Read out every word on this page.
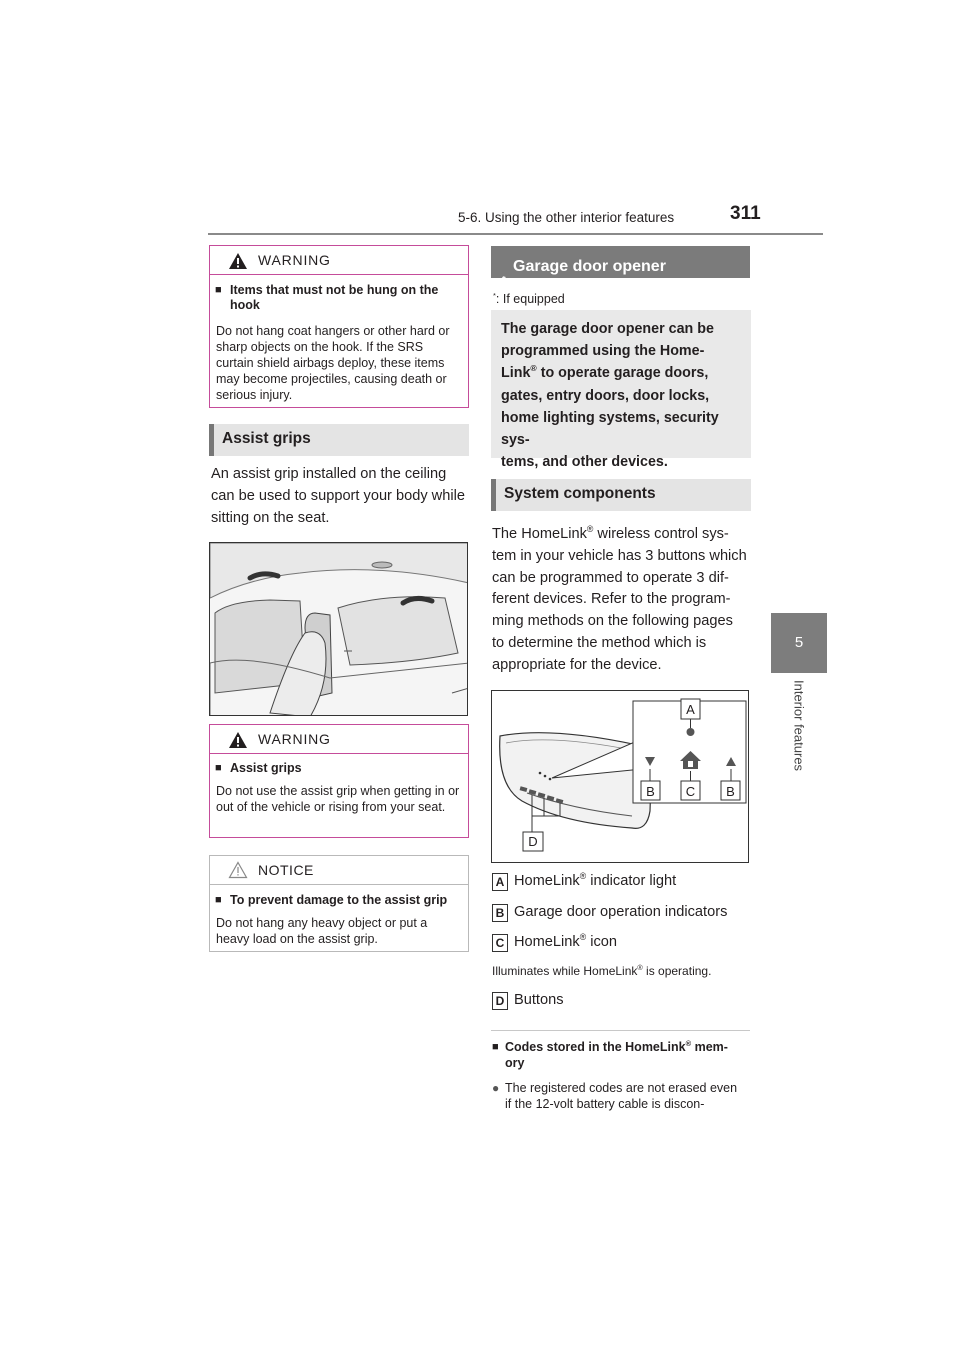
5-6. Using the other interior features	311
5
Interior features
WARNING
■ Items that must not be hung on the hook
Do not hang coat hangers or other hard or sharp objects on the hook. If the SRS curtain shield airbags deploy, these items may become projectiles, causing death or serious injury.
Assist grips
An assist grip installed on the ceiling can be used to support your body while sitting on the seat.
WARNING
■ Assist grips
Do not use the assist grip when getting in or out of the vehicle or rising from your seat.
NOTICE
■ To prevent damage to the assist grip
Do not hang any heavy object or put a heavy load on the assist grip.
Garage door opener
*
*: If equipped
The garage door opener can be
programmed using the Home-
Link® to operate garage doors,
gates, entry doors, door locks,
home lighting systems, security sys-
tems, and other devices.
System components
The HomeLink® wireless control sys-
tem in your vehicle has 3 buttons which
can be programmed to operate 3 dif-
ferent devices. Refer to the program-
ming methods on the following pages
to determine the method which is
appropriate for the device.
A
B C B
D
A HomeLink® indicator light
B Garage door operation indicators
C HomeLink® icon
Illuminates while HomeLink® is operating.
D Buttons
■ Codes stored in the HomeLink® mem-
ory
● The registered codes are not erased even
if the 12-volt battery cable is discon-
